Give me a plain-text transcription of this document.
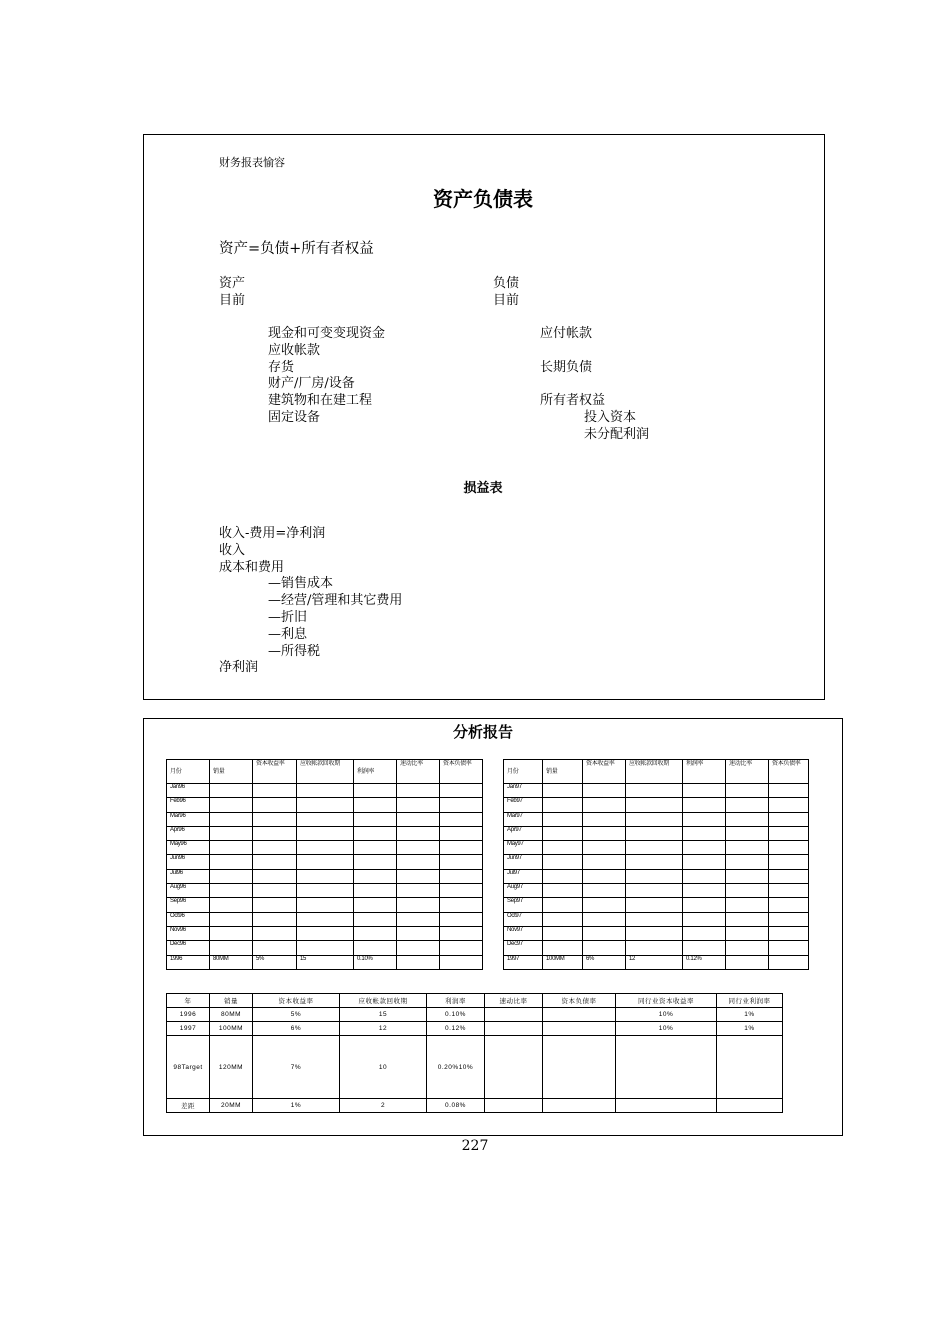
财务报表愉容
资产负债表
资产=负债+所有者权益
资产
目前
负债
目前
现金和可变变现资金
应收帐款
存货
财产/厂房/设备
建筑物和在建工程
固定设备
应付帐款
长期负债
所有者权益
投入资本
未分配利润
损益表
收入-费用=净利润
收入
成本和费用
—销售成本
—经营/管理和其它费用
—折旧
—利息
—所得税
净利润
分析报告
月份	销量	资本收益率	应收帐款回收期	利润率	速动比率	资本负债率
Jan96						
Feb96						
Mar96						
Apr96						
May96						
Jun96						
Jul96						
Aug96						
Sep96						
Oct96						
Nov96						
Dec96						
1996	80MM	5%	15	0.10%		
月份	销量	资本收益率	应收帐款回收期	利润率	速动比率	资本负债率
Jan97						
Feb97						
Mar97						
Apr97						
May97						
Jun97						
Jul97						
Aug97						
Sep97						
Oct97						
Nov97						
Dec97						
1997	100MM	6%	12	0.12%		
年	销量	资本收益率	应收帐款回收期	利润率	速动比率	资本负债率	同行业资本收益率	同行业利润率
1996	80MM	5%	15	0.10%			10%	1%
1997	100MM	6%	12	0.12%			10%	1%
98Target	120MM	7%	10	0.20%10%				
差距	20MM	1%	2	0.08%				
227
